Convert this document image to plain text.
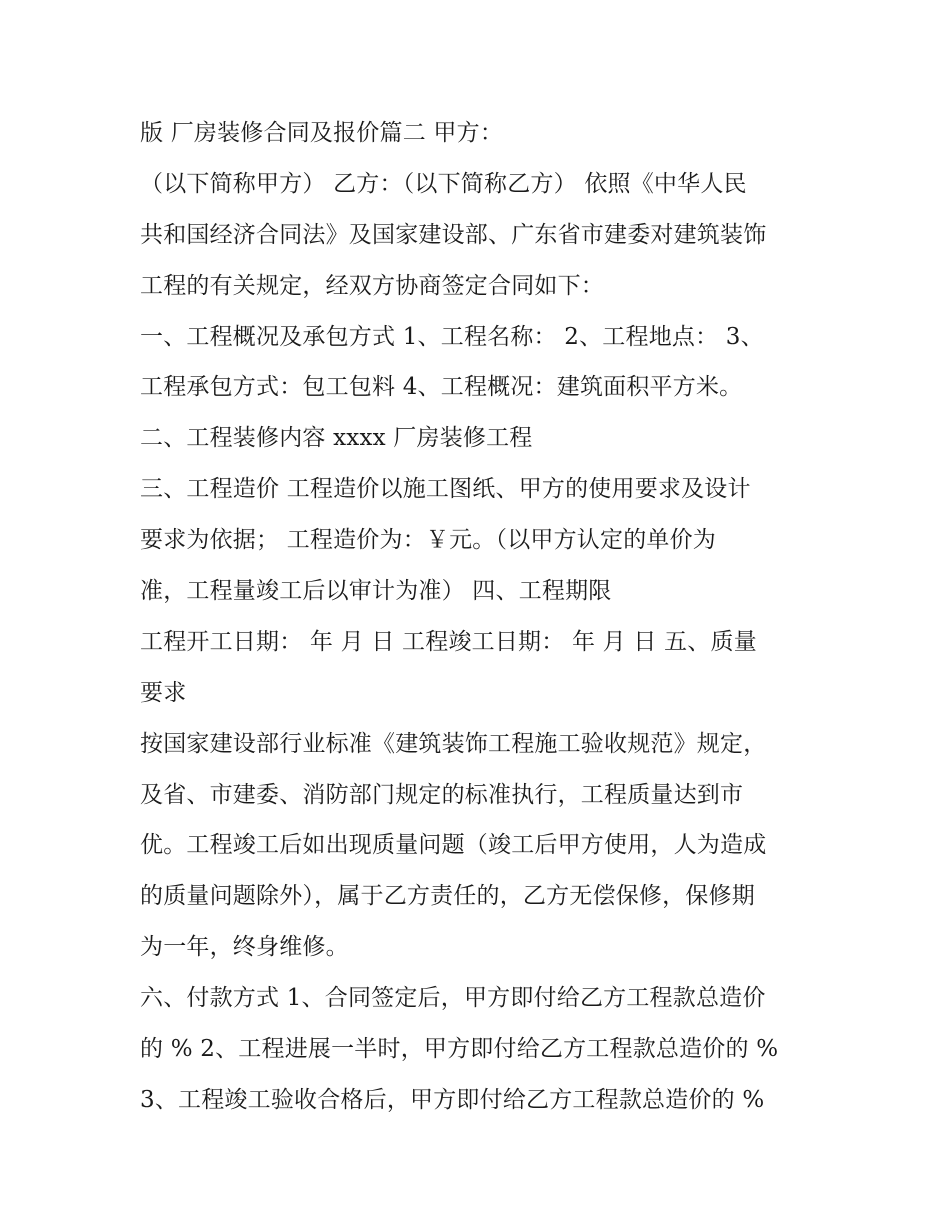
版 厂房装修合同及报价篇二 甲方：
（以下简称甲方） 乙方：（以下简称乙方） 依照《中华人民
共和国经济合同法》及国家建设部、广东省市建委对建筑装饰
工程的有关规定，经双方协商签定合同如下：
一、工程概况及承包方式 1、工程名称： 2、工程地点： 3、
工程承包方式：包工包料 4、工程概况：建筑面积平方米。
二、工程装修内容 xxxx 厂房装修工程
三、工程造价 工程造价以施工图纸、甲方的使用要求及设计
要求为依据； 工程造价为：￥元。（以甲方认定的单价为
准，工程量竣工后以审计为准） 四、工程期限
工程开工日期： 年 月 日 工程竣工日期： 年 月 日 五、质量
要求
按国家建设部行业标准《建筑装饰工程施工验收规范》规定，
及省、市建委、消防部门规定的标准执行，工程质量达到市
优。工程竣工后如出现质量问题（竣工后甲方使用，人为造成
的质量问题除外），属于乙方责任的，乙方无偿保修，保修期
为一年，终身维修。
六、付款方式 1、合同签定后，甲方即付给乙方工程款总造价
的 % 2、工程进展一半时，甲方即付给乙方工程款总造价的 %
3、工程竣工验收合格后，甲方即付给乙方工程款总造价的 %
